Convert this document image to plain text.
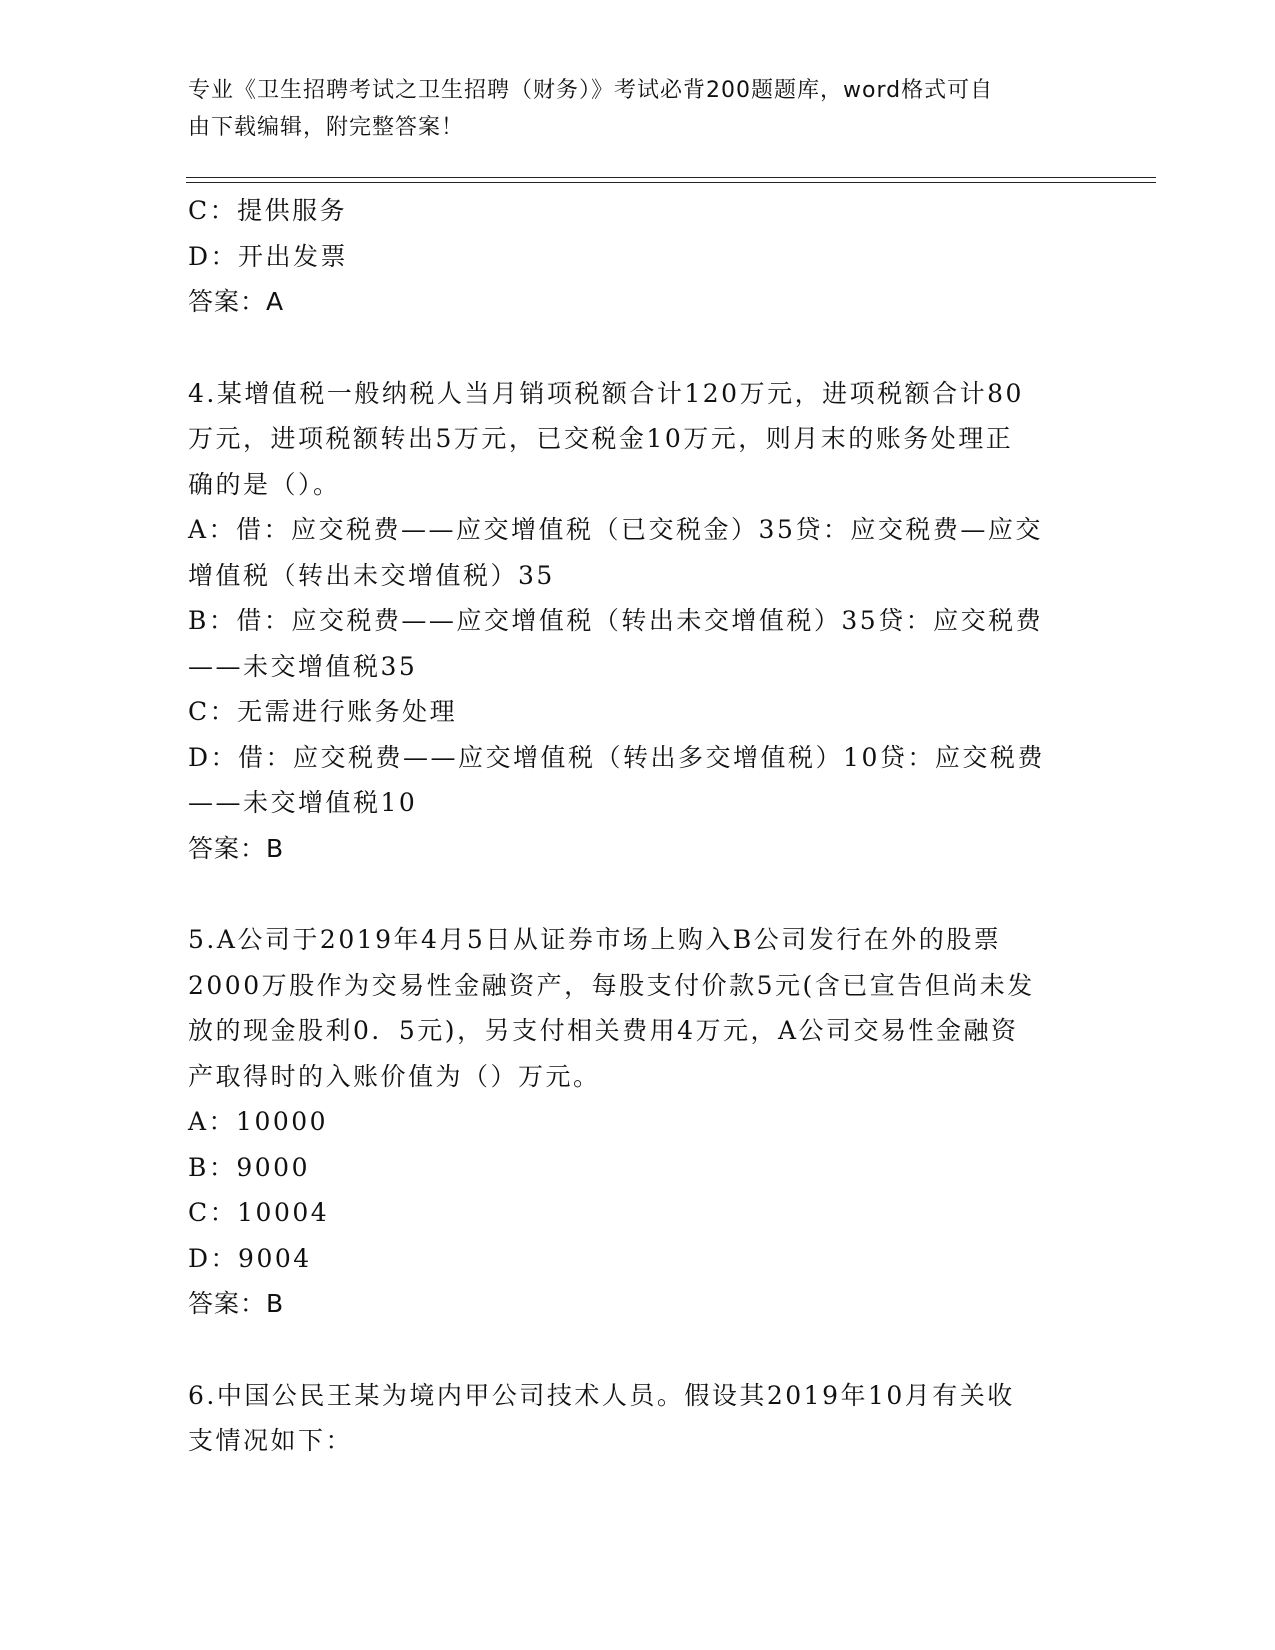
专业《卫生招聘考试之卫生招聘（财务）》考试必背200题题库，word格式可自
由下载编辑，附完整答案！
C：提供服务
D：开出发票
答案：A
4.某增值税一般纳税人当月销项税额合计120万元，进项税额合计80
万元，进项税额转出5万元，已交税金10万元，则月末的账务处理正
确的是（）。
A：借：应交税费——应交增值税（已交税金）35贷：应交税费—应交
增值税（转出未交增值税）35
B：借：应交税费——应交增值税（转出未交增值税）35贷：应交税费
——未交增值税35
C：无需进行账务处理
D：借：应交税费——应交增值税（转出多交增值税）10贷：应交税费
——未交增值税10
答案：B
5.A公司于2019年4月5日从证券市场上购入B公司发行在外的股票
2000万股作为交易性金融资产，每股支付价款5元(含已宣告但尚未发
放的现金股利0．5元)，另支付相关费用4万元，A公司交易性金融资
产取得时的入账价值为（）万元。
A：10000
B：9000
C：10004
D：9004
答案：B
6.中国公民王某为境内甲公司技术人员。假设其2019年10月有关收
支情况如下：
